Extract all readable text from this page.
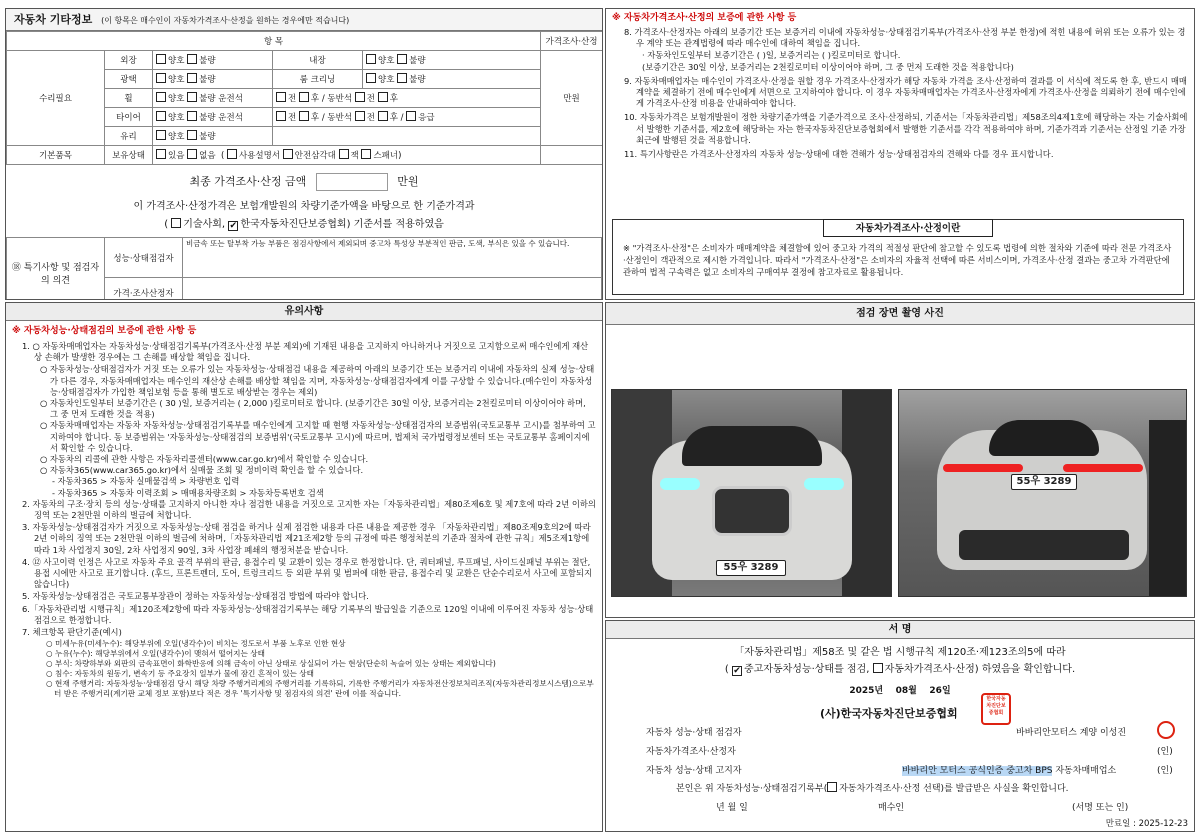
자동차 기타정보 (이 항목은 매수인이 자동차가격조사·산정을 원하는 경우에만 적습니다)
항 목					가격조사·산정
수리필요	외장	양호 불량	내장	양호 불량	만원
	광택	양호 불량	룸 크리닝	양호 불량	
	휠	양호 불량 운전석	전 후 / 동반석 전 후		
	타이어	양호 불량 운전석	전 후 / 동반석 전 후 / 응급		
	유리	양호 불량			
기본품목	보유상태	있음 없음  ( 사용설명서 안전삼각대 잭 스패너)			
최종 가격조사·산정 금액	만원
이 가격조사·산정가격은 보험개발원의 차량기준가액을 바탕으로 한 기준가격과
( 기술사회, ✔ 한국자동차진단보증협회) 기준서를 적용하였음
⑱ 특기사항 및 점검자의 의견	성능·상태점검자	비금속 또는 탈부착 가능 부품은 점검사항에서 제외되며 중고차 특성상 부분적인 판금, 도색, 부식은 있을 수 있습니다.
	가격·조사산정자	
※ 자동차가격조사·산정의 보증에 관한 사항 등
8. 가격조사·산정자는 아래의 보증기간 또는 보증거리 이내에 자동차성능·상태점검기록부(가격조사·산정 부분 한정)에 적힌 내용에 허위 또는 오류가 있는 경우 계약 또는 관계법령에 따라 매수인에 대하여 책임을 집니다.
· 자동차인도일부터 보증기간은 ( )일, 보증거리는 ( )킬로미터로 합니다.
(보증기간은 30일 이상, 보증거리는 2천킬로미터 이상이어야 하며, 그 중 먼저 도래한 것을 적용합니다)
9. 자동차매매업자는 매수인이 가격조사·산정을 원할 경우 가격조사·산정자가 해당 자동차 가격을 조사·산정하여 결과를 이 서식에 적도록 한 후, 반드시 매매계약을 체결하기 전에 매수인에게 서면으로 고지하여야 합니다. 이 경우 자동차매매업자는 가격조사·산정자에게 가격조사·산정을 의뢰하기 전에 매수인에게 가격조사·산정 비용을 안내하여야 합니다.
10. 자동차가격은 보험개발원이 정한 차량기준가액을 기준가격으로 조사·산정하되, 기준서는「자동차관리법」제58조의4제1호에 해당하는 자는 기술사회에서 발행한 기준서를, 제2호에 해당하는 자는 한국자동차진단보증협회에서 발행한 기준서를 각각 적용하여야 하며, 기준가격과 기준서는 산정일 기준 가장 최근에 발행된 것을 적용합니다.
11. 특기사항란은 가격조사·산정자의 자동차 성능·상태에 대한 견해가 성능·상태점검자의 견해와 다를 경우 표시합니다.
자동차가격조사·산정이란
※ "가격조사·산정"은 소비자가 매매계약을 체결함에 있어 중고차 가격의 적절성 판단에 참고할 수 있도록 법령에 의한 절차와 기준에 따라 전문 가격조사·산정인이 객관적으로 제시한 가격입니다. 따라서 "가격조사·산정"은 소비자의 자율적 선택에 따른 서비스이며, 가격조사·산정 결과는 중고차 가격판단에 관하여 법적 구속력은 없고 소비자의 구매여부 결정에 참고자료로 활용됩니다.
유의사항
※ 자동차성능·상태점검의 보증에 관한 사항 등
1. ○ 자동차매매업자는 자동차성능·상태점검기록부(가격조사·산정 부분 제외)에 기재된 내용을 고지하지 아니하거나 거짓으로 고지함으로써 매수인에게 재산상 손해가 발생한 경우에는 그 손해를 배상할 책임을 집니다.
○ 자동차성능·상태점검자가 거짓 또는 오류가 있는 자동차성능·상태점검 내용을 제공하여 아래의 보증기간 또는 보증거리 이내에 자동차의 실제 성능·상태가 다른 경우, 자동차매매업자는 매수인의 재산상 손해를 배상할 책임을 지며, 자동차성능·상태점검자에게 이를 구상할 수 있습니다.(매수인이 자동차성능·상태점검자가 가입한 책임보험 등을 통해 별도로 배상받는 경우는 제외)
○ 자동차인도일부터 보증기간은 ( 30 )일, 보증거리는 ( 2,000 )킬로미터로 합니다. (보증기간은 30일 이상, 보증거리는 2천킬로미터 이상이어야 하며, 그 중 먼저 도래한 것을 적용)
○ 자동차매매업자는 자동차 자동차성능·상태점검기록부를 매수인에게 고지할 때 현행 자동차성능·상태점검자의 보증범위(국토교통부 고시)를 첨부하여 고지하여야 합니다. 동 보증범위는 '자동차성능·상태점검의 보증범위'(국토교통부 고시)에 따르며, 법제처 국가법령정보센터 또는 국토교통부 홈페이지에서 확인할 수 있습니다.
○ 자동차의 리콜에 관한 사항은 자동차리콜센터(www.car.go.kr)에서 확인할 수 있습니다.
○ 자동차365(www.car365.go.kr)에서 실매물 조회 및 정비이력 확인을 할 수 있습니다.
- 자동차365 > 자동차 실매물검색 > 차량번호 입력
- 자동차365 > 자동차 이력조회 > 매매용차량조회 > 자동차등록번호 검색
2. 자동차의 구조·장치 등의 성능·상태를 고지하지 아니한 자나 점검한 내용을 거짓으로 고지한 자는「자동차관리법」제80조제6호 및 제7호에 따라 2년 이하의 징역 또는 2천만원 이하의 벌금에 처합니다.
3. 자동차성능·상태점검자가 거짓으로 자동차성능·상태 점검을 하거나 실제 점검한 내용과 다른 내용을 제공한 경우 「자동차관리법」제80조제9호의2에 따라 2년 이하의 징역 또는 2천만원 이하의 벌금에 처하며,「자동차관리법 제21조제2항 등의 규정에 따른 행정처분의 기준과 절차에 관한 규칙」제5조제1항에 따라 1차 사업정지 30일, 2차 사업정지 90일, 3차 사업장 폐쇄의 행정처분을 받습니다.
4. ⑫ 사고이력 인정은 사고로 자동차 주요 골격 부위의 판금, 용접수리 및 교환이 있는 경우로 한정합니다. 단, 쿼터패널, 루프패널, 사이드실패널 부위는 절단, 용접 시에만 사고로 표기합니다. (후드, 프론트펜더, 도어, 트렁크리드 등 외판 부위 및 범퍼에 대한 판금, 용접수리 및 교환은 단순수리로서 사고에 포함되지 않습니다)
5. 자동차성능·상태점검은 국토교통부장관이 정하는 자동차성능·상태점검 방법에 따라야 합니다.
6.「자동차관리법 시행규칙」제120조제2항에 따라 자동차성능·상태점검기록부는 해당 기록부의 발급일을 기준으로 120일 이내에 이루어진 자동차 성능·상태점검으로 한정합니다.
7. 체크항목 판단기준(예시)
○ 미세누유(미세누수): 해당부위에 오일(냉각수)이 비치는 정도로서 부품 노후로 인한 현상
○ 누유(누수): 해당부위에서 오일(냉각수)이 맺혀서 떨어지는 상태
○ 부식: 차량하부와 외판의 금속표면이 화학반응에 의해 금속이 아닌 상태로 상실되어 가는 현상(단순히 녹슬어 있는 상태는 제외합니다)
○ 침수: 자동차의 원동기, 변속기 등 주요장치 일부가 물에 잠긴 흔적이 있는 상태
○ 현재 주행거리: 자동차성능·상태점검 당시 해당 차량 주행거리계의 주행거리를 기록하되, 기록한 주행거리가 자동차전산정보처리조직(자동차관리정보시스템)으로부터 받은 주행거리(계기판 교체 정보 포함)보다 적은 경우 '특기사항 및 점검자의 의견' 란에 이를 적습니다.
점검 장면 촬영 사진
55우 3289
55우 3289
서 명
「자동차관리법」제58조 및 같은 법 시행규칙 제120조·제123조의5에 따라
( ✔ 중고자동차성능·상태를 점검, 자동차가격조사·산정) 하였음을 확인합니다.
2025년 08월 26일
(사)한국자동차진단보증협회
한국자동차진단보증협회
자동차 성능·상태 점검자	바바리안모터스 계양 이성진
자동차가격조사·산정자	(인)
자동차 성능·상태 고지자	바바리안 모터스 공식인증 중고차 BPS 자동차매매업소	(인)
본인은 위 자동차성능·상태점검기록부( 자동차가격조사·산정 선택)를 발급받은 사실을 확인합니다.
년 월 일	매수인	(서명 또는 인)
만료일 : 2025-12-23
